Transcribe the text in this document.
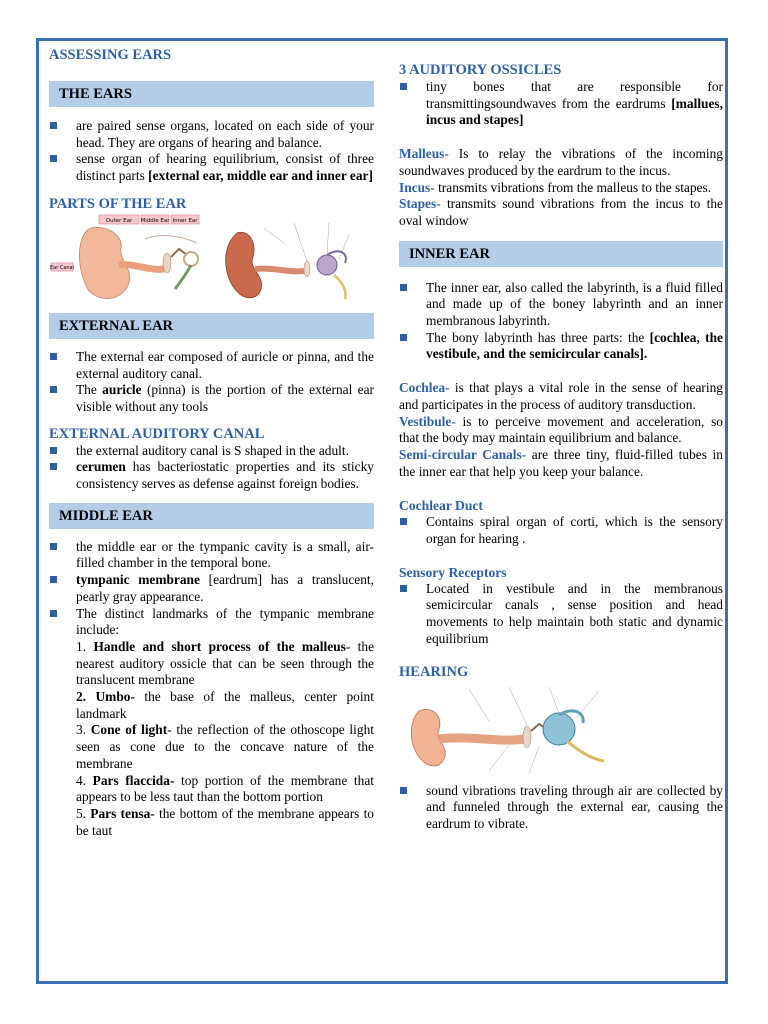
ASSESSING EARS
THE EARS
are paired sense organs, located on each side of your head. They are organs of hearing and balance.
sense organ of hearing equilibrium, consist of three distinct parts [external ear, middle ear and inner ear]
PARTS OF THE EAR
Outer Ear Middle Ear Inner Ear
Ear Canal
EXTERNAL EAR
The external ear composed of auricle or pinna, and the external auditory canal.
The auricle (pinna) is the portion of the external ear visible without any tools
EXTERNAL AUDITORY CANAL
the external auditory canal is S shaped in the adult.
cerumen has bacteriostatic properties and its sticky consistency serves as defense against foreign bodies.
MIDDLE EAR
the middle ear or the tympanic cavity is a small, air-filled chamber in the temporal bone.
tympanic membrane [eardrum] has a translucent, pearly gray appearance.
The distinct landmarks of the tympanic membrane include:

1. Handle and short process of the malleus- the nearest auditory ossicle that can be seen through the translucent membrane

2. Umbo- the base of the malleus, center point landmark

3. Cone of light- the reflection of the othoscope light seen as cone due to the concave nature of the membrane

4. Pars flaccida- top portion of the membrane that appears to be less taut than the bottom portion

5. Pars tensa- the bottom of the membrane appears to be taut

3 AUDITORY OSSICLES
tiny bones that are responsible for transmittingsoundwaves from the eardrums [mallues, incus and stapes]

Malleus- Is to relay the vibrations of the incoming soundwaves produced by the eardrum to the incus.

Incus- transmits vibrations from the malleus to the stapes.

Stapes- transmits sound vibrations from the incus to the oval window

INNER EAR
The inner ear, also called the labyrinth, is a fluid filled and made up of the boney labyrinth and an inner membranous labyrinth.
The bony labyrinth has three parts: the [cochlea, the vestibule, and the semicircular canals].

Cochlea- is that plays a vital role in the sense of hearing and participates in the process of auditory transduction.

Vestibule- is to perceive movement and acceleration, so that the body may maintain equilibrium and balance.

Semi-circular Canals- are three tiny, fluid-filled tubes in the inner ear that help you keep your balance.

Cochlear Duct
Contains spiral organ of corti, which is the sensory organ for hearing .
Sensory Receptors
Located in vestibule and in the membranous semicircular canals , sense position and head movements to help maintain both static and dynamic equilibrium
HEARING
sound vibrations traveling through air are collected by and funneled through the external ear, causing the eardrum to vibrate.
